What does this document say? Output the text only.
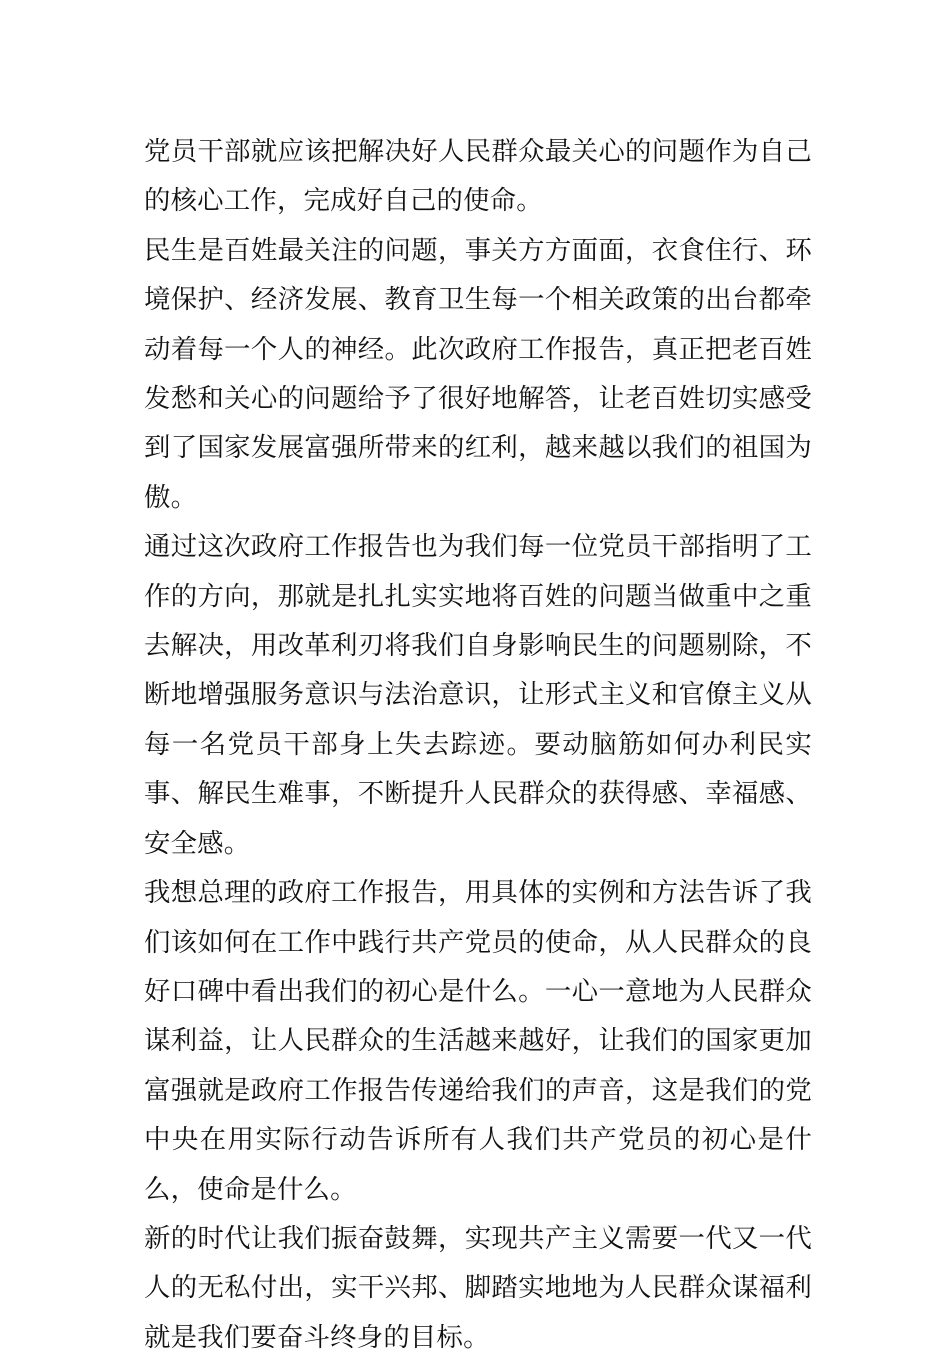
党员干部就应该把解决好人民群众最关心的问题作为自己的核心工作，完成好自己的使命。

民生是百姓最关注的问题，事关方方面面，衣食住行、环境保护、经济发展、教育卫生每一个相关政策的出台都牵动着每一个人的神经。此次政府工作报告，真正把老百姓发愁和关心的问题给予了很好地解答，让老百姓切实感受到了国家发展富强所带来的红利，越来越以我们的祖国为傲。

通过这次政府工作报告也为我们每一位党员干部指明了工作的方向，那就是扎扎实实地将百姓的问题当做重中之重去解决，用改革利刃将我们自身影响民生的问题剔除，不断地增强服务意识与法治意识，让形式主义和官僚主义从每一名党员干部身上失去踪迹。要动脑筋如何办利民实事、解民生难事，不断提升人民群众的获得感、幸福感、安全感。

我想总理的政府工作报告，用具体的实例和方法告诉了我们该如何在工作中践行共产党员的使命，从人民群众的良好口碑中看出我们的初心是什么。一心一意地为人民群众谋利益，让人民群众的生活越来越好，让我们的国家更加富强就是政府工作报告传递给我们的声音，这是我们的党中央在用实际行动告诉所有人我们共产党员的初心是什么，使命是什么。

新的时代让我们振奋鼓舞，实现共产主义需要一代又一代人的无私付出，实干兴邦、脚踏实地地为人民群众谋福利就是我们要奋斗终身的目标。
